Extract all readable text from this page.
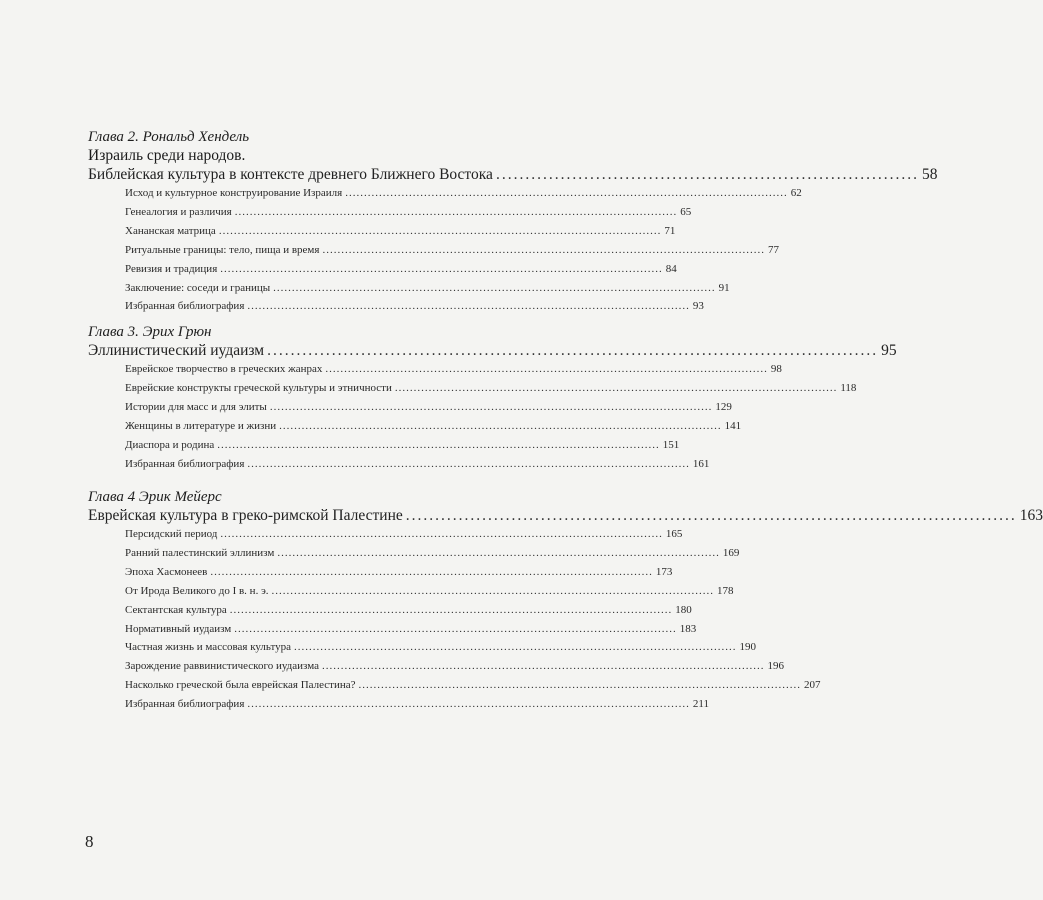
Глава 2. Рональд Хендель
Израиль среди народов.
Библейская культура в контексте древнего Ближнего Востока ........................................................................ 58
Исход и культурное конструирование Израиля ...................................................................................................................... 62
Генеалогия и различия ...................................................................................................................... 65
Хананская матрица ...................................................................................................................... 71
Ритуальные границы: тело, пища и время ...................................................................................................................... 77
Ревизия и традиция ...................................................................................................................... 84
Заключение: соседи и границы ...................................................................................................................... 91
Избранная библиография ...................................................................................................................... 93
Глава 3. Эрих Грюн
Эллинистический иудаизм ........................................................................................................ 95
Еврейское творчество в греческих жанрах ...................................................................................................................... 98
Еврейские конструкты греческой культуры и этничности ...................................................................................................................... 118
Истории для масс и для элиты ...................................................................................................................... 129
Женщины в литературе и жизни ...................................................................................................................... 141
Диаспора и родина ...................................................................................................................... 151
Избранная библиография ...................................................................................................................... 161
Глава 4 Эрик Мейерс
Еврейская культура в греко-римской Палестине ........................................................................................................ 163
Персидский период ...................................................................................................................... 165
Ранний палестинский эллинизм ...................................................................................................................... 169
Эпоха Хасмонеев ...................................................................................................................... 173
От Ирода Великого до I в. н. э. ...................................................................................................................... 178
Сектантская культура ...................................................................................................................... 180
Нормативный иудаизм ...................................................................................................................... 183
Частная жизнь и массовая культура ...................................................................................................................... 190
Зарождение раввинистического иудаизма ...................................................................................................................... 196
Насколько греческой была еврейская Палестина? ...................................................................................................................... 207
Избранная библиография ...................................................................................................................... 211
8
